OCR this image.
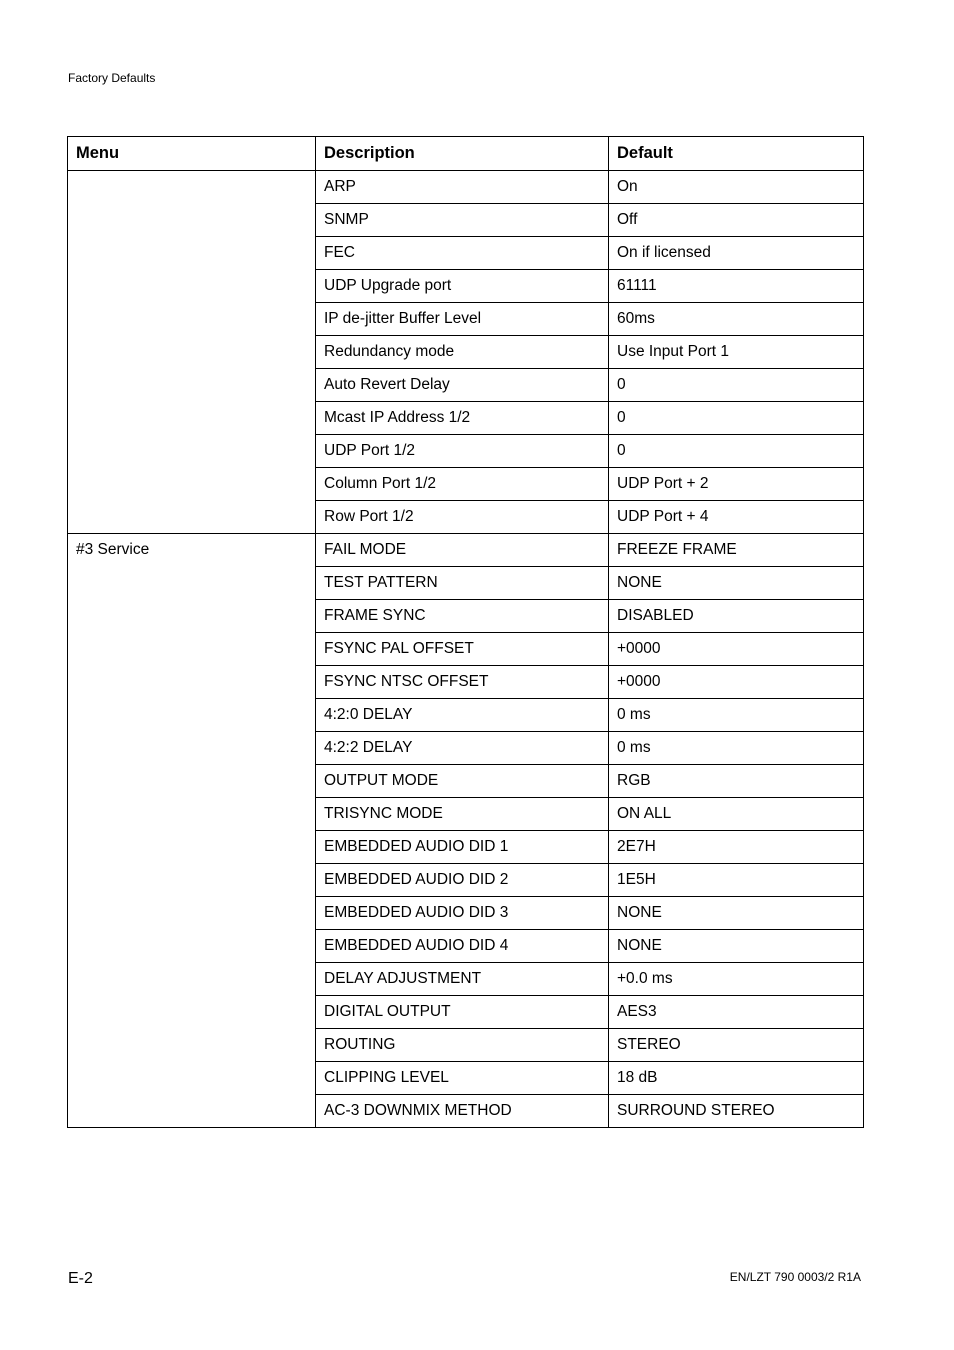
Factory Defaults
Menu	Description	Default
	ARP	On
	SNMP	Off
	FEC	On if licensed
	UDP Upgrade port	61111
	IP de-jitter Buffer Level	60ms
	Redundancy mode	Use Input Port 1
	Auto Revert Delay	0
	Mcast IP Address 1/2	0
	UDP Port 1/2	0
	Column Port 1/2	UDP Port + 2
	Row Port 1/2	UDP Port + 4
#3 Service	FAIL MODE	FREEZE FRAME
	TEST PATTERN	NONE
	FRAME SYNC	DISABLED
	FSYNC PAL OFFSET	+0000
	FSYNC NTSC OFFSET	+0000
	4:2:0 DELAY	0 ms
	4:2:2 DELAY	0 ms
	OUTPUT MODE	RGB
	TRISYNC MODE	ON ALL
	EMBEDDED AUDIO DID 1	2E7H
	EMBEDDED AUDIO DID 2	1E5H
	EMBEDDED AUDIO DID 3	NONE
	EMBEDDED AUDIO DID 4	NONE
	DELAY ADJUSTMENT	+0.0 ms
	DIGITAL OUTPUT	AES3
	ROUTING	STEREO
	CLIPPING LEVEL	18 dB
	AC-3 DOWNMIX METHOD	SURROUND STEREO
E-2	EN/LZT 790 0003/2 R1A
